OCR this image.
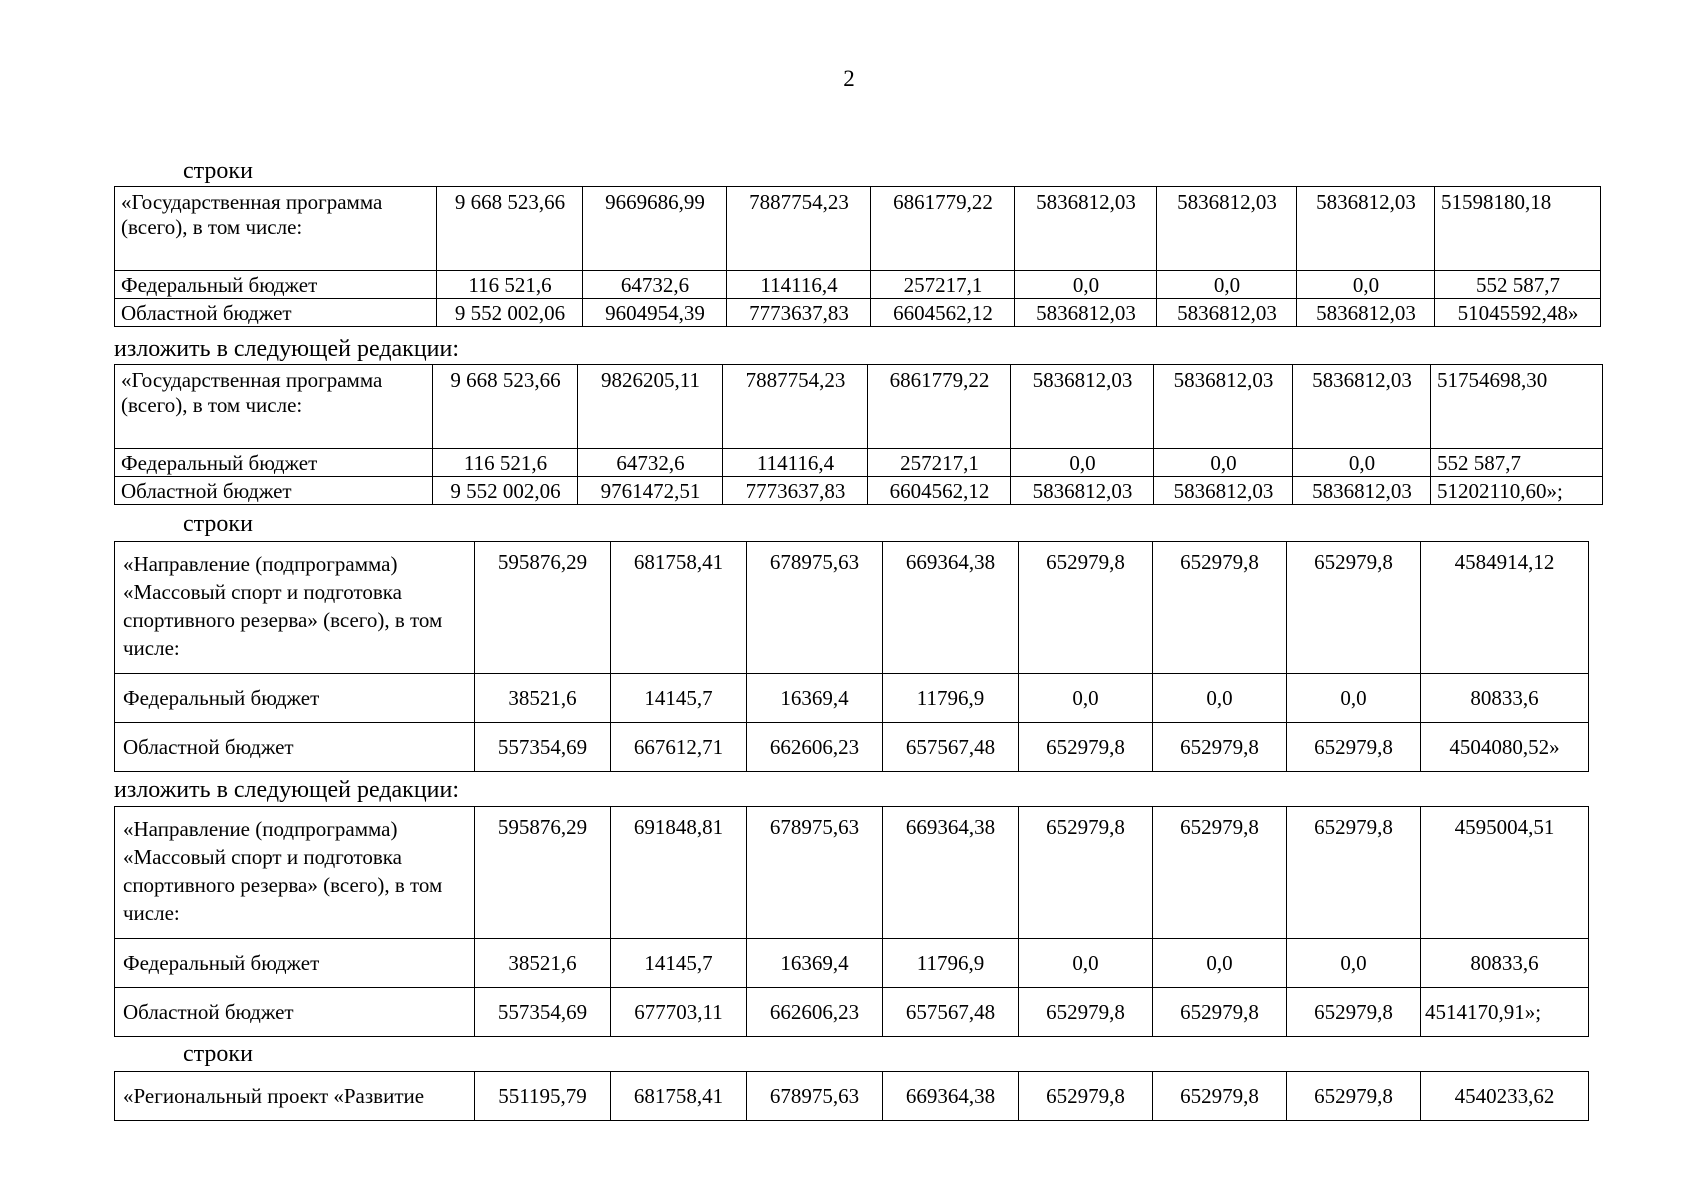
2
строки
«Государственная программа (всего), в том числе:	9 668 523,66	9669686,99	7887754,23	6861779,22	5836812,03	5836812,03	5836812,03	51598180,18
Федеральный бюджет	116 521,6	64732,6	114116,4	257217,1	0,0	0,0	0,0	552 587,7
Областной бюджет	9 552 002,06	9604954,39	7773637,83	6604562,12	5836812,03	5836812,03	5836812,03	51045592,48»
изложить в следующей редакции:
«Государственная программа (всего), в том числе:	9 668 523,66	9826205,11	7887754,23	6861779,22	5836812,03	5836812,03	5836812,03	51754698,30
Федеральный бюджет	116 521,6	64732,6	114116,4	257217,1	0,0	0,0	0,0	552 587,7
Областной бюджет	9 552 002,06	9761472,51	7773637,83	6604562,12	5836812,03	5836812,03	5836812,03	51202110,60»;
строки
«Направление (подпрограмма) «Массовый спорт и подготовка спортивного резерва» (всего), в том числе:	595876,29	681758,41	678975,63	669364,38	652979,8	652979,8	652979,8	4584914,12
Федеральный бюджет	38521,6	14145,7	16369,4	11796,9	0,0	0,0	0,0	80833,6
Областной бюджет	557354,69	667612,71	662606,23	657567,48	652979,8	652979,8	652979,8	4504080,52»
изложить в следующей редакции:
«Направление (подпрограмма) «Массовый спорт и подготовка спортивного резерва» (всего), в том числе:	595876,29	691848,81	678975,63	669364,38	652979,8	652979,8	652979,8	4595004,51
Федеральный бюджет	38521,6	14145,7	16369,4	11796,9	0,0	0,0	0,0	80833,6
Областной бюджет	557354,69	677703,11	662606,23	657567,48	652979,8	652979,8	652979,8	4514170,91»;
строки
«Региональный проект «Развитие	551195,79	681758,41	678975,63	669364,38	652979,8	652979,8	652979,8	4540233,62
